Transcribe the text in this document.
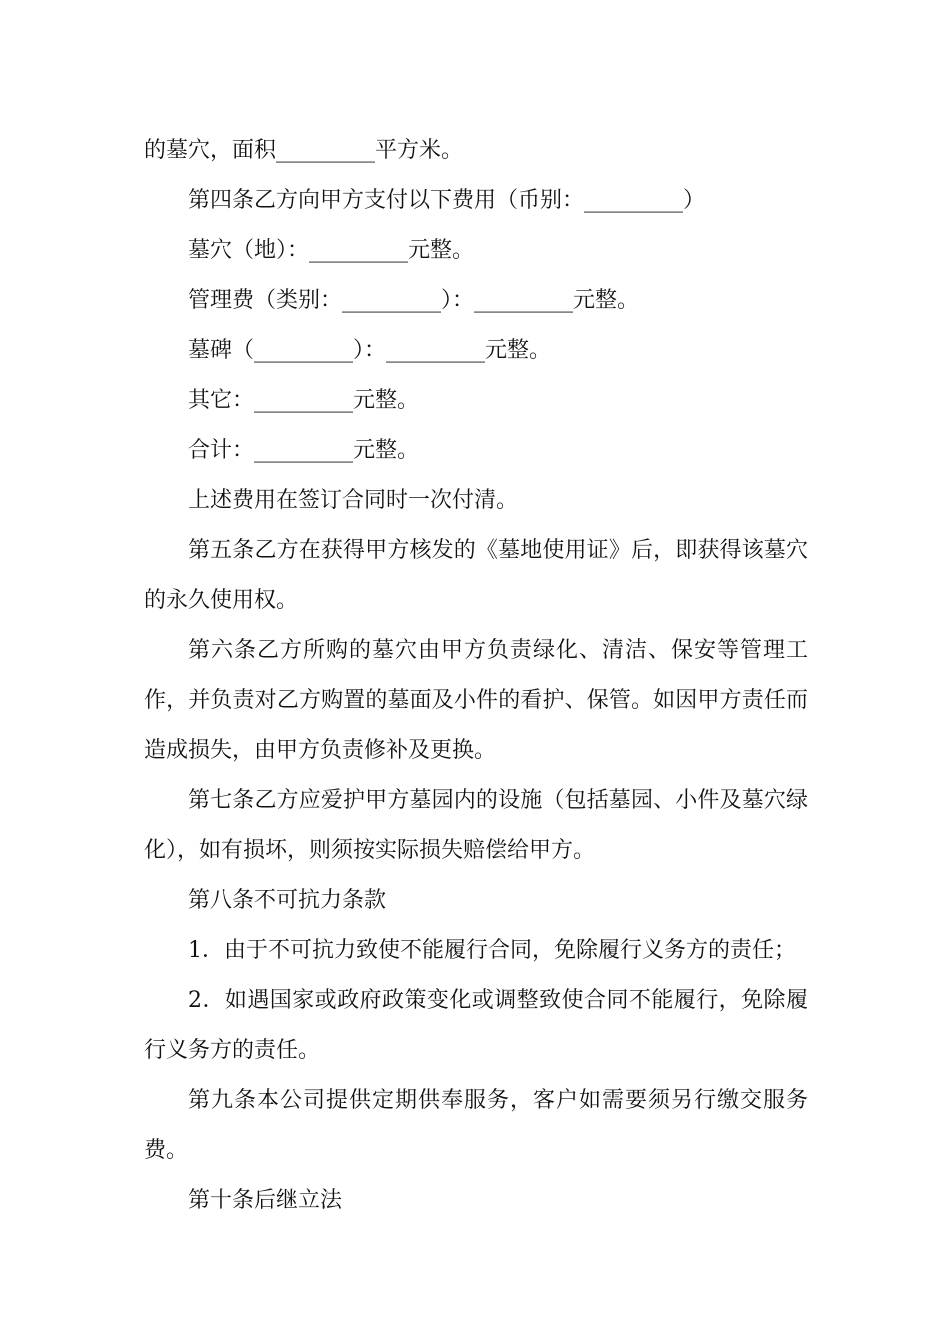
的墓穴，面积_________平方米。

第四条乙方向甲方支付以下费用（币别：_________）

墓穴（地）：_________元整。

管理费（类别：_________）：_________元整。

墓碑（_________）：_________元整。

其它：_________元整。

合计：_________元整。

上述费用在签订合同时一次付清。

第五条乙方在获得甲方核发的《墓地使用证》后，即获得该墓穴的永久使用权。

第六条乙方所购的墓穴由甲方负责绿化、清洁、保安等管理工作，并负责对乙方购置的墓面及小件的看护、保管。如因甲方责任而造成损失，由甲方负责修补及更换。

第七条乙方应爱护甲方墓园内的设施（包括墓园、小件及墓穴绿化），如有损坏，则须按实际损失赔偿给甲方。

第八条不可抗力条款

1．由于不可抗力致使不能履行合同，免除履行义务方的责任；

2．如遇国家或政府政策变化或调整致使合同不能履行，免除履行义务方的责任。

第九条本公司提供定期供奉服务，客户如需要须另行缴交服务费。

第十条后继立法
